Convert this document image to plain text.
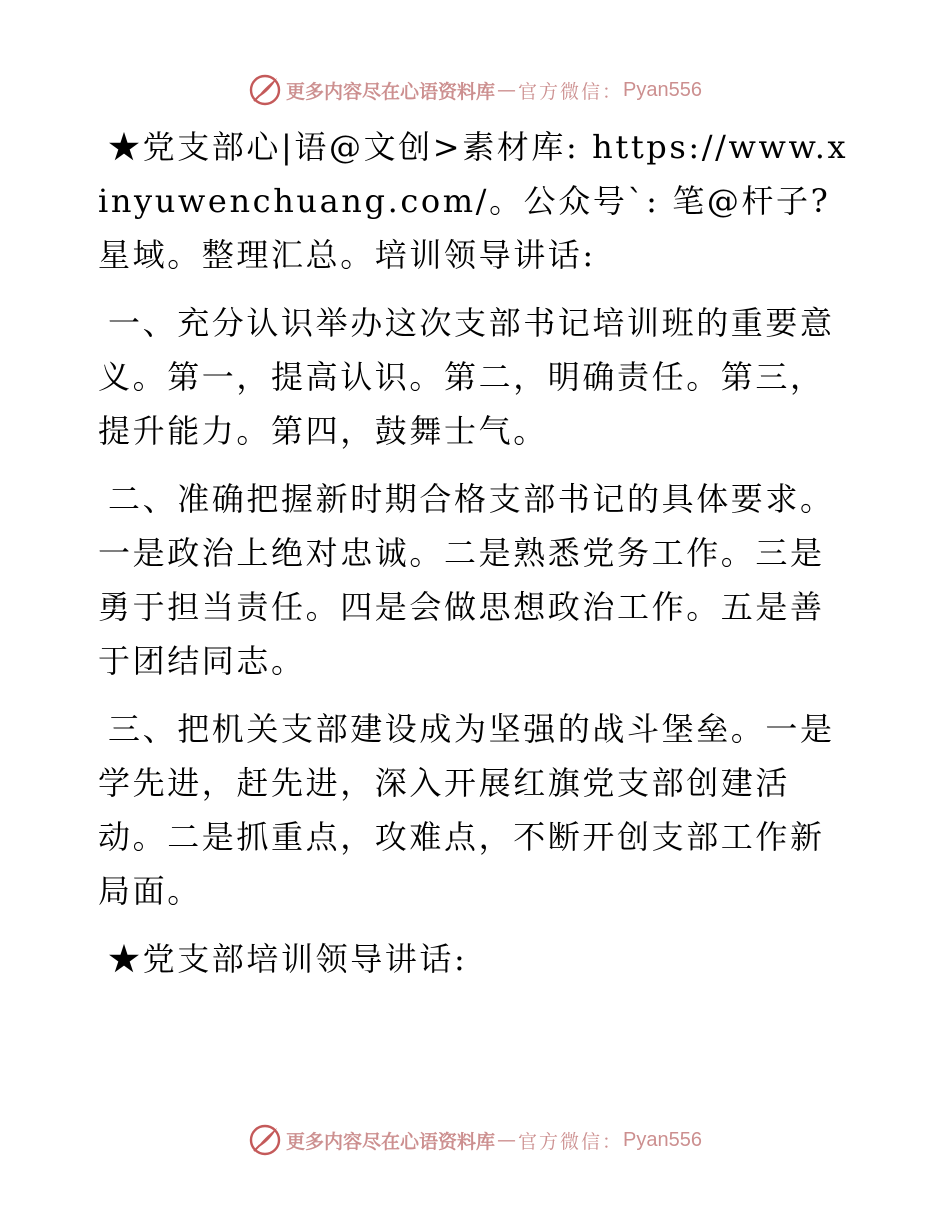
更多内容尽在心语资料库 — 官方微信： Pyan556

★党支部心|语@文创>素材库: https://www.xinyuwenchuang.com/。公众号`: 笔@杆子?星域。整理汇总。培训领导讲话:

一、充分认识举办这次支部书记培训班的重要意义。第一，提高认识。第二，明确责任。第三，提升能力。第四，鼓舞士气。

二、准确把握新时期合格支部书记的具体要求。一是政治上绝对忠诚。二是熟悉党务工作。三是勇于担当责任。四是会做思想政治工作。五是善于团结同志。

三、把机关支部建设成为坚强的战斗堡垒。一是学先进，赶先进，深入开展红旗党支部创建活动。二是抓重点，攻难点，不断开创支部工作新局面。

★党支部培训领导讲话:

更多内容尽在心语资料库 — 官方微信： Pyan556
